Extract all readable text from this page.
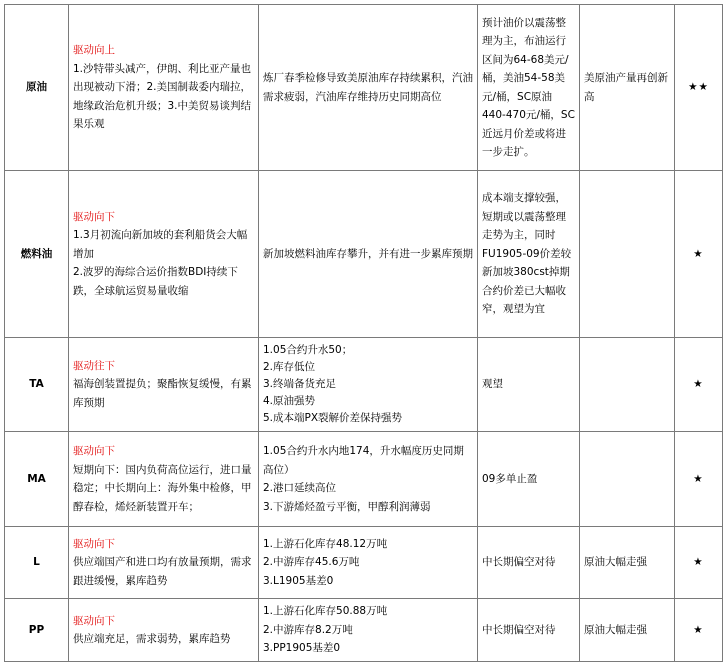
原油	驱动向上
1.沙特带头减产，伊朗、利比亚产量也出现被动下滑；2.美国制裁委内瑞拉，地缘政治危机升级；3.中美贸易谈判结果乐观	炼厂春季检修导致美原油库存持续累积，汽油需求疲弱，汽油库存维持历史同期高位	预计油价以震荡整理为主，布油运行区间为64-68美元/桶，美油54-58美元/桶，SC原油440-470元/桶，SC近远月价差或将进一步走扩。	美原油产量再创新高	★★
燃料油	驱动向下
1.3月初流向新加坡的套利船货会大幅增加
2.波罗的海综合运价指数BDI持续下跌，全球航运贸易量收缩	新加坡燃料油库存攀升，并有进一步累库预期	成本端支撑较强，短期或以震荡整理走势为主，同时FU1905-09价差较新加坡380cst掉期合约价差已大幅收窄，观望为宜		★
TA	驱动往下
福海创装置提负；聚酯恢复缓慢，有累库预期	1.05合约升水50；
2.库存低位
3.终端备货充足
4.原油强势
5.成本端PX裂解价差保持强势	观望		★
MA	驱动向下
短期向下：国内负荷高位运行，进口量稳定；中长期向上：海外集中检修，甲醇春检，烯烃新装置开车；	1.05合约升水内地174，升水幅度历史同期高位）
2.港口延续高位
3.下游烯烃盈亏平衡，甲醇利润薄弱	09多单止盈		★
L	驱动向下
供应端国产和进口均有放量预期，需求跟进缓慢，累库趋势	1.上游石化库存48.12万吨
2.中游库存45.6万吨
3.L1905基差0	中长期偏空对待	原油大幅走强	★
PP	驱动向下
供应端充足，需求弱势，累库趋势	1.上游石化库存50.88万吨
2.中游库存8.2万吨
3.PP1905基差0	中长期偏空对待	原油大幅走强	★
